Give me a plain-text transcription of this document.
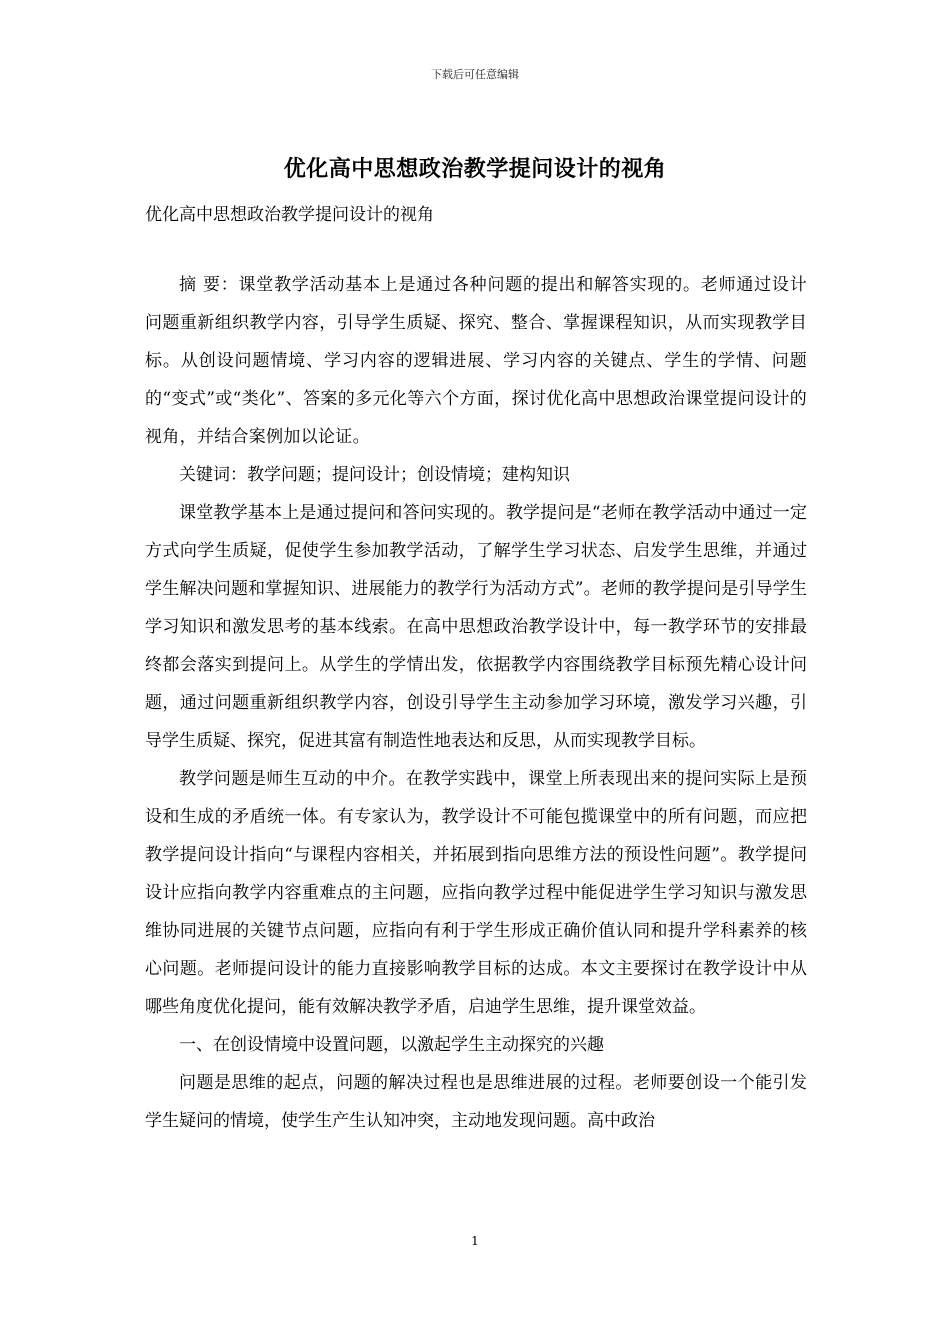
下载后可任意编辑
优化高中思想政治教学提问设计的视角
优化高中思想政治教学提问设计的视角

摘 要：课堂教学活动基本上是通过各种问题的提出和解答实现的。老师通过设计问题重新组织教学内容，引导学生质疑、探究、整合、掌握课程知识，从而实现教学目标。从创设问题情境、学习内容的逻辑进展、学习内容的关键点、学生的学情、问题的“变式”或“类化”、答案的多元化等六个方面，探讨优化高中思想政治课堂提问设计的视角，并结合案例加以论证。

关键词：教学问题；提问设计；创设情境；建构知识

课堂教学基本上是通过提问和答问实现的。教学提问是“老师在教学活动中通过一定方式向学生质疑，促使学生参加教学活动，了解学生学习状态、启发学生思维，并通过学生解决问题和掌握知识、进展能力的教学行为活动方式”。老师的教学提问是引导学生学习知识和激发思考的基本线索。在高中思想政治教学设计中，每一教学环节的安排最终都会落实到提问上。从学生的学情出发，依据教学内容围绕教学目标预先精心设计问题，通过问题重新组织教学内容，创设引导学生主动参加学习环境，激发学习兴趣，引导学生质疑、探究，促进其富有制造性地表达和反思，从而实现教学目标。

教学问题是师生互动的中介。在教学实践中，课堂上所表现出来的提问实际上是预设和生成的矛盾统一体。有专家认为，教学设计不可能包揽课堂中的所有问题，而应把教学提问设计指向“与课程内容相关，并拓展到指向思维方法的预设性问题”。教学提问设计应指向教学内容重难点的主问题，应指向教学过程中能促进学生学习知识与激发思维协同进展的关键节点问题，应指向有利于学生形成正确价值认同和提升学科素养的核心问题。老师提问设计的能力直接影响教学目标的达成。本文主要探讨在教学设计中从哪些角度优化提问，能有效解决教学矛盾，启迪学生思维，提升课堂效益。

一、在创设情境中设置问题，以激起学生主动探究的兴趣

问题是思维的起点，问题的解决过程也是思维进展的过程。老师要创设一个能引发学生疑问的情境，使学生产生认知冲突，主动地发现问题。高中政治

1
